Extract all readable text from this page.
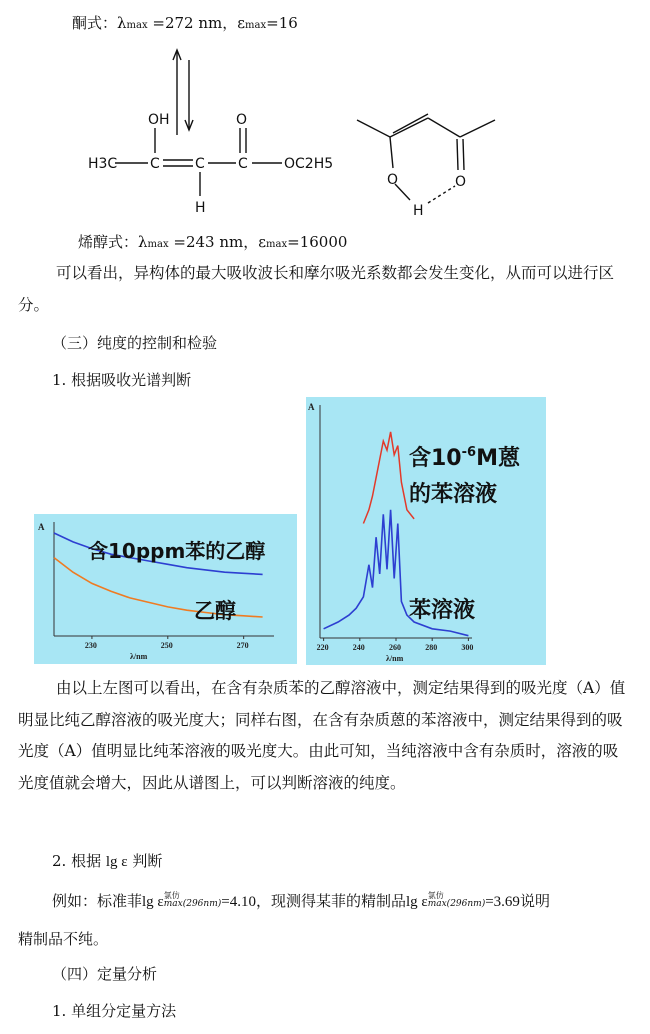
酮式：λmax =272 nm，εmax=16
OH	O
H3C C	C C	OC2H5
H
O	O
H
烯醇式：λmax =243 nm，εmax=16000
可以看出，异构体的最大吸收波长和摩尔吸光系数都会发生变化，从而可以进行区分。
（三）纯度的控制和检验
1. 根据吸收光谱判断
A
230	250	270
λ/nm
含10ppm苯的乙醇
乙醇
A
220	240	260	280	300
λ/nm
含$10^{-6}M$蒽
的苯溶液
苯溶液
由以上左图可以看出，在含有杂质苯的乙醇溶液中，测定结果得到的吸光度（A）值明显比纯乙醇溶液的吸光度大；同样右图，在含有杂质蒽的苯溶液中，测定结果得到的吸光度（A）值明显比纯苯溶液的吸光度大。由此可知，当纯溶液中含有杂质时，溶液的吸光度值就会增大，因此从谱图上，可以判断溶液的纯度。
2. 根据 lg ε 判断
例如：标准菲lg ε 氯仿
max(296nm) =4.10，现测得某菲的精制品lg ε 氯仿
max(296nm) =3.69说明
精制品不纯。
（四）定量分析
1. 单组分定量方法
